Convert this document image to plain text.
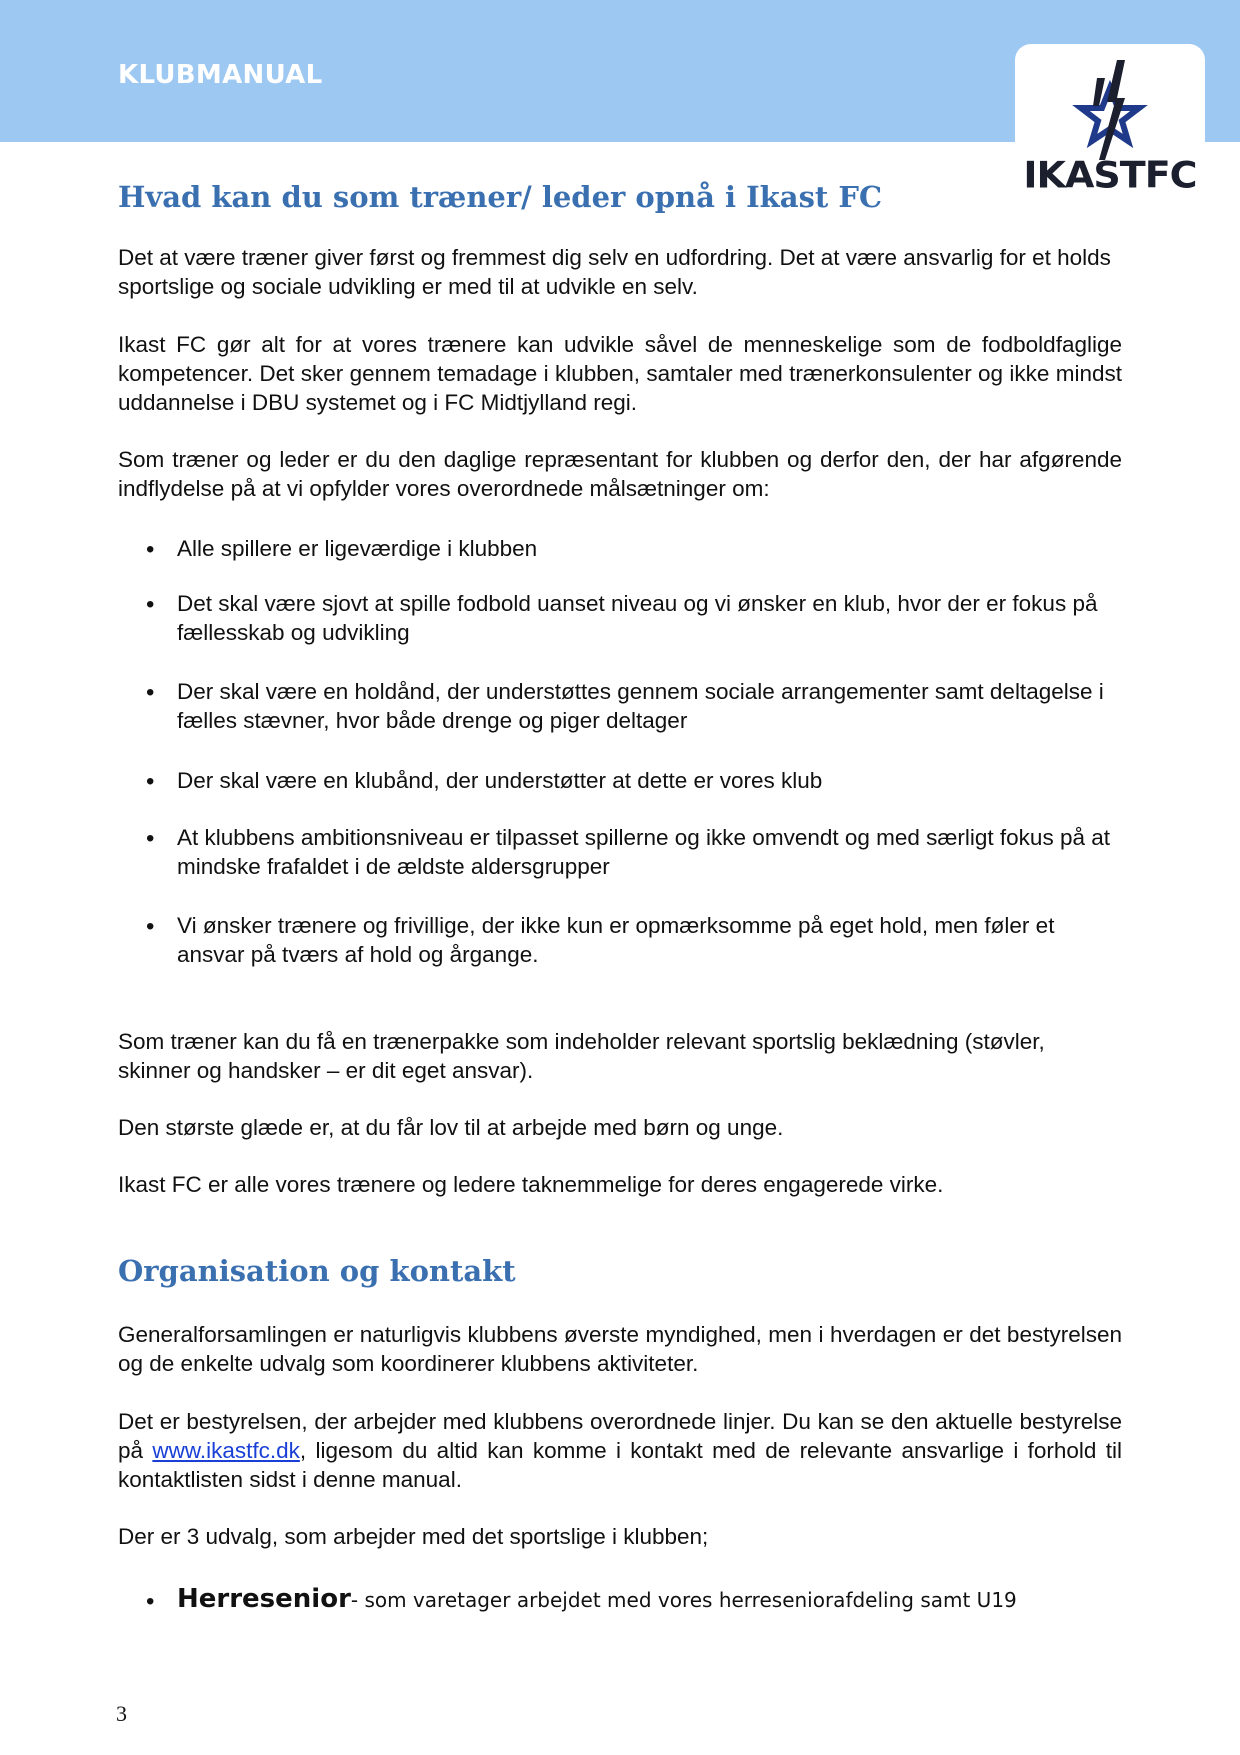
KLUBMANUAL
IKASTFC
Hvad kan du som træner/ leder opnå i Ikast FC

Det at være træner giver først og fremmest dig selv en udfordring. Det at være ansvarlig for et holds sportslige og sociale udvikling er med til at udvikle en selv.

Ikast FC gør alt for at vores trænere kan udvikle såvel de menneskelige som de fodboldfaglige kompetencer. Det sker gennem temadage i klubben, samtaler med trænerkonsulenter og ikke mindst uddannelse i DBU systemet og i FC Midtjylland regi.

Som træner og leder er du den daglige repræsentant for klubben og derfor den, der har afgørende indflydelse på at vi opfylder vores overordnede målsætninger om:

• Alle spillere er ligeværdige i klubben
• Det skal være sjovt at spille fodbold uanset niveau og vi ønsker en klub, hvor der er fokus på fællesskab og udvikling
• Der skal være en holdånd, der understøttes gennem sociale arrangementer samt deltagelse i fælles stævner, hvor både drenge og piger deltager
• Der skal være en klubånd, der understøtter at dette er vores klub
• At klubbens ambitionsniveau er tilpasset spillerne og ikke omvendt og med særligt fokus på at mindske frafaldet i de ældste aldersgrupper
• Vi ønsker trænere og frivillige, der ikke kun er opmærksomme på eget hold, men føler et ansvar på tværs af hold og årgange.

Som træner kan du få en trænerpakke som indeholder relevant sportslig beklædning (støvler, skinner og handsker – er dit eget ansvar).

Den største glæde er, at du får lov til at arbejde med børn og unge.

Ikast FC er alle vores trænere og ledere taknemmelige for deres engagerede virke.

Organisation og kontakt

Generalforsamlingen er naturligvis klubbens øverste myndighed, men i hverdagen er det bestyrelsen og de enkelte udvalg som koordinerer klubbens aktiviteter.

Det er bestyrelsen, der arbejder med klubbens overordnede linjer. Du kan se den aktuelle bestyrelse på www.ikastfc.dk, ligesom du altid kan komme i kontakt med de relevante ansvarlige i forhold til kontaktlisten sidst i denne manual.

Der er 3 udvalg, som arbejder med det sportslige i klubben;

• Herresenior- som varetager arbejdet med vores herreseniorafdeling samt U19
3
